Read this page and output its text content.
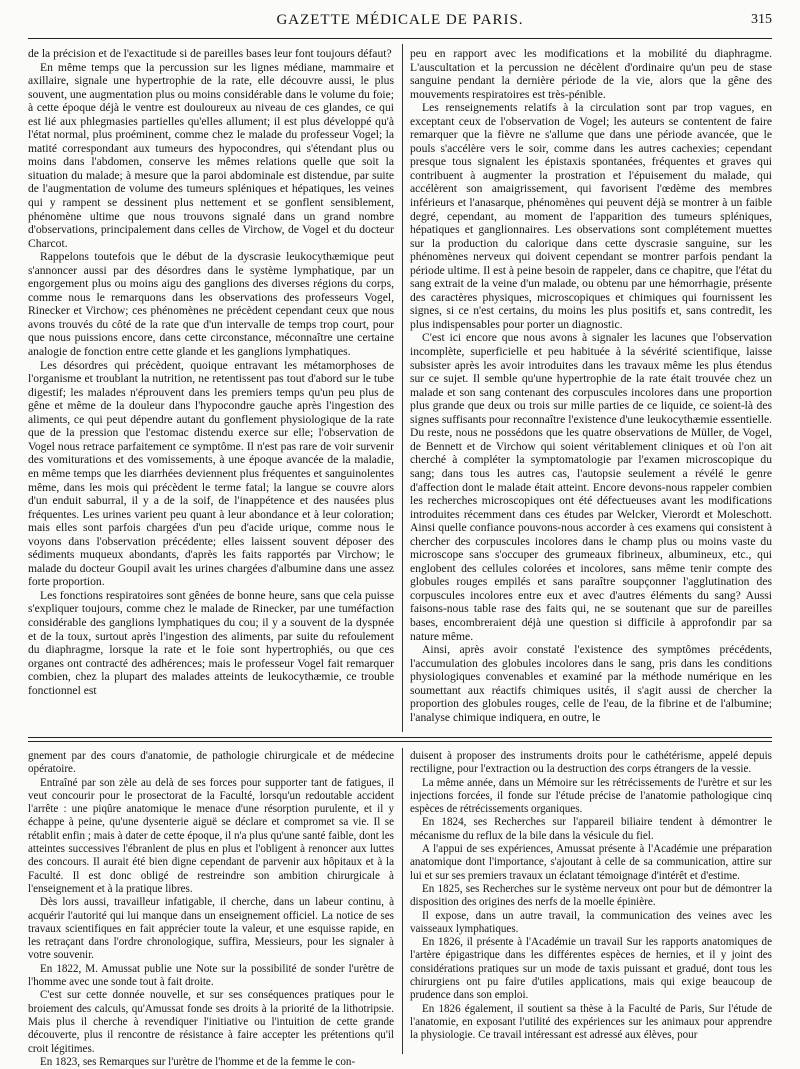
GAZETTE MÉDICALE DE PARIS.	315

de la précision et de l'exactitude si de pareilles bases leur font toujours défaut?

En même temps que la percussion sur les lignes médiane, mammaire et axillaire, signale une hypertrophie de la rate, elle découvre aussi, le plus souvent, une augmentation plus ou moins considérable dans le volume du foie; à cette époque déjà le ventre est douloureux au niveau de ces glandes, ce qui est lié aux phlegmasies partielles qu'elles allument; il est plus développé qu'à l'état normal, plus proéminent, comme chez le malade du professeur Vogel; la matité correspondant aux tumeurs des hypocondres, qui s'étendant plus ou moins dans l'abdomen, conserve les mêmes relations quelle que soit la situation du malade; à mesure que la paroi abdominale est distendue, par suite de l'augmentation de volume des tumeurs spléniques et hépatiques, les veines qui y rampent se dessinent plus nettement et se gonflent sensiblement, phénomène ultime que nous trouvons signalé dans un grand nombre d'observations, principalement dans celles de Virchow, de Vogel et du docteur Charcot.

Rappelons toutefois que le début de la dyscrasie leukocythæmique peut s'annoncer aussi par des désordres dans le système lymphatique, par un engorgement plus ou moins aigu des ganglions des diverses régions du corps, comme nous le remarquons dans les observations des professeurs Vogel, Rinecker et Virchow; ces phénomènes ne précèdent cependant ceux que nous avons trouvés du côté de la rate que d'un intervalle de temps trop court, pour que nous puissions encore, dans cette circonstance, méconnaître une certaine analogie de fonction entre cette glande et les ganglions lymphatiques.

Les désordres qui précèdent, quoique entravant les métamorphoses de l'organisme et troublant la nutrition, ne retentissent pas tout d'abord sur le tube digestif; les malades n'éprouvent dans les premiers temps qu'un peu plus de gêne et même de la douleur dans l'hypocondre gauche après l'ingestion des aliments, ce qui peut dépendre autant du gonflement physiologique de la rate que de la pression que l'estomac distendu exerce sur elle; l'observation de Vogel nous retrace parfaitement ce symptôme. Il n'est pas rare de voir survenir des vomiturations et des vomissements, à une époque avancée de la maladie, en même temps que les diarrhées deviennent plus fréquentes et sanguinolentes même, dans les mois qui précèdent le terme fatal; la langue se couvre alors d'un enduit saburral, il y a de la soif, de l'inappétence et des nausées plus fréquentes. Les urines varient peu quant à leur abondance et à leur coloration; mais elles sont parfois chargées d'un peu d'acide urique, comme nous le voyons dans l'observation précédente; elles laissent souvent déposer des sédiments muqueux abondants, d'après les faits rapportés par Virchow; le malade du docteur Goupil avait les urines chargées d'albumine dans une assez forte proportion.

Les fonctions respiratoires sont gênées de bonne heure, sans que cela puisse s'expliquer toujours, comme chez le malade de Rinecker, par une tuméfaction considérable des ganglions lymphatiques du cou; il y a souvent de la dyspnée et de la toux, surtout après l'ingestion des aliments, par suite du refoulement du diaphragme, lorsque la rate et le foie sont hypertrophiés, ou que ces organes ont contracté des adhérences; mais le professeur Vogel fait remarquer combien, chez la plupart des malades atteints de leukocythæmie, ce trouble fonctionnel est

peu en rapport avec les modifications et la mobilité du diaphragme. L'auscultation et la percussion ne décèlent d'ordinaire qu'un peu de stase sanguine pendant la dernière période de la vie, alors que la gêne des mouvements respiratoires est très-pénible.

Les renseignements relatifs à la circulation sont par trop vagues, en exceptant ceux de l'observation de Vogel; les auteurs se contentent de faire remarquer que la fièvre ne s'allume que dans une période avancée, que le pouls s'accélère vers le soir, comme dans les autres cachexies; cependant presque tous signalent les épistaxis spontanées, fréquentes et graves qui contribuent à augmenter la prostration et l'épuisement du malade, qui accélèrent son amaigrissement, qui favorisent l'œdème des membres inférieurs et l'anasarque, phénomènes qui peuvent déjà se montrer à un faible degré, cependant, au moment de l'apparition des tumeurs spléniques, hépatiques et ganglionnaires. Les observations sont complétement muettes sur la production du calorique dans cette dyscrasie sanguine, sur les phénomènes nerveux qui doivent cependant se montrer parfois pendant la période ultime. Il est à peine besoin de rappeler, dans ce chapitre, que l'état du sang extrait de la veine d'un malade, ou obtenu par une hémorrhagie, présente des caractères physiques, microscopiques et chimiques qui fournissent les signes, si ce n'est certains, du moins les plus positifs et, sans contredit, les plus indispensables pour porter un diagnostic.

C'est ici encore que nous avons à signaler les lacunes que l'observation incomplète, superficielle et peu habituée à la sévérité scientifique, laisse subsister après les avoir introduites dans les travaux même les plus étendus sur ce sujet. Il semble qu'une hypertrophie de la rate était trouvée chez un malade et son sang contenant des corpuscules incolores dans une proportion plus grande que deux ou trois sur mille parties de ce liquide, ce soient-là des signes suffisants pour reconnaître l'existence d'une leukocythæmie essentielle. Du reste, nous ne possédons que les quatre observations de Müller, de Vogel, de Bennett et de Virchow qui soient véritablement cliniques et où l'on ait cherché à compléter la symptomatologie par l'examen microscopique du sang; dans tous les autres cas, l'autopsie seulement a révélé le genre d'affection dont le malade était atteint. Encore devons-nous rappeler combien les recherches microscopiques ont été défectueuses avant les modifications introduites récemment dans ces études par Welcker, Vierordt et Moleschott. Ainsi quelle confiance pouvons-nous accorder à ces examens qui consistent à chercher des corpuscules incolores dans le champ plus ou moins vaste du microscope sans s'occuper des grumeaux fibrineux, albumineux, etc., qui englobent des cellules colorées et incolores, sans même tenir compte des globules rouges empilés et sans paraître soupçonner l'agglutination des corpuscules incolores entre eux et avec d'autres éléments du sang? Aussi faisons-nous table rase des faits qui, ne se soutenant que sur de pareilles bases, encombreraient déjà une question si difficile à approfondir par sa nature même.

Ainsi, après avoir constaté l'existence des symptômes précédents, l'accumulation des globules incolores dans le sang, pris dans les conditions physiologiques convenables et examiné par la méthode numérique en les soumettant aux réactifs chimiques usités, il s'agit aussi de chercher la proportion des globules rouges, celle de l'eau, de la fibrine et de l'albumine; l'analyse chimique indiquera, en outre, le

gnement par des cours d'anatomie, de pathologie chirurgicale et de médecine opératoire.

Entraîné par son zèle au delà de ses forces pour supporter tant de fatigues, il veut concourir pour le prosectorat de la Faculté, lorsqu'un redoutable accident l'arrête : une piqûre anatomique le menace d'une résorption purulente, et il y échappe à peine, qu'une dysenterie aiguë se déclare et compromet sa vie. Il se rétablit enfin ; mais à dater de cette époque, il n'a plus qu'une santé faible, dont les atteintes successives l'ébranlent de plus en plus et l'obligent à renoncer aux luttes des concours. Il aurait été bien digne cependant de parvenir aux hôpitaux et à la Faculté. Il est donc obligé de restreindre son ambition chirurgicale à l'enseignement et à la pratique libres.

Dès lors aussi, travailleur infatigable, il cherche, dans un labeur continu, à acquérir l'autorité qui lui manque dans un enseignement officiel. La notice de ses travaux scientifiques en fait apprécier toute la valeur, et une esquisse rapide, en les retraçant dans l'ordre chronologique, suffira, Messieurs, pour les signaler à votre souvenir.

En 1822, M. Amussat publie une Note sur la possibilité de sonder l'urètre de l'homme avec une sonde tout à fait droite.

C'est sur cette donnée nouvelle, et sur ses conséquences pratiques pour le broiement des calculs, qu'Amussat fonde ses droits à la priorité de la lithotripsie. Mais plus il cherche à revendiquer l'initiative ou l'intuition de cette grande découverte, plus il rencontre de résistance à faire accepter les prétentions qu'il croit légitimes.

En 1823, ses Remarques sur l'urètre de l'homme et de la femme le con-

duisent à proposer des instruments droits pour le cathétérisme, appelé depuis rectiligne, pour l'extraction ou la destruction des corps étrangers de la vessie.

La même année, dans un Mémoire sur les rétrécissements de l'urètre et sur les injections forcées, il fonde sur l'étude précise de l'anatomie pathologique cinq espèces de rétrécissements organiques.

En 1824, ses Recherches sur l'appareil biliaire tendent à démontrer le mécanisme du reflux de la bile dans la vésicule du fiel.

A l'appui de ses expériences, Amussat présente à l'Académie une préparation anatomique dont l'importance, s'ajoutant à celle de sa communication, attire sur lui et sur ses premiers travaux un éclatant témoignage d'intérêt et d'estime.

En 1825, ses Recherches sur le système nerveux ont pour but de démontrer la disposition des origines des nerfs de la moelle épinière.

Il expose, dans un autre travail, la communication des veines avec les vaisseaux lymphatiques.

En 1826, il présente à l'Académie un travail Sur les rapports anatomiques de l'artère épigastrique dans les différentes espèces de hernies, et il y joint des considérations pratiques sur un mode de taxis puissant et gradué, dont tous les chirurgiens ont pu faire d'utiles applications, mais qui exige beaucoup de prudence dans son emploi.

En 1826 également, il soutient sa thèse à la Faculté de Paris, Sur l'étude de l'anatomie, en exposant l'utilité des expériences sur les animaux pour apprendre la physiologie. Ce travail intéressant est adressé aux élèves, pour
